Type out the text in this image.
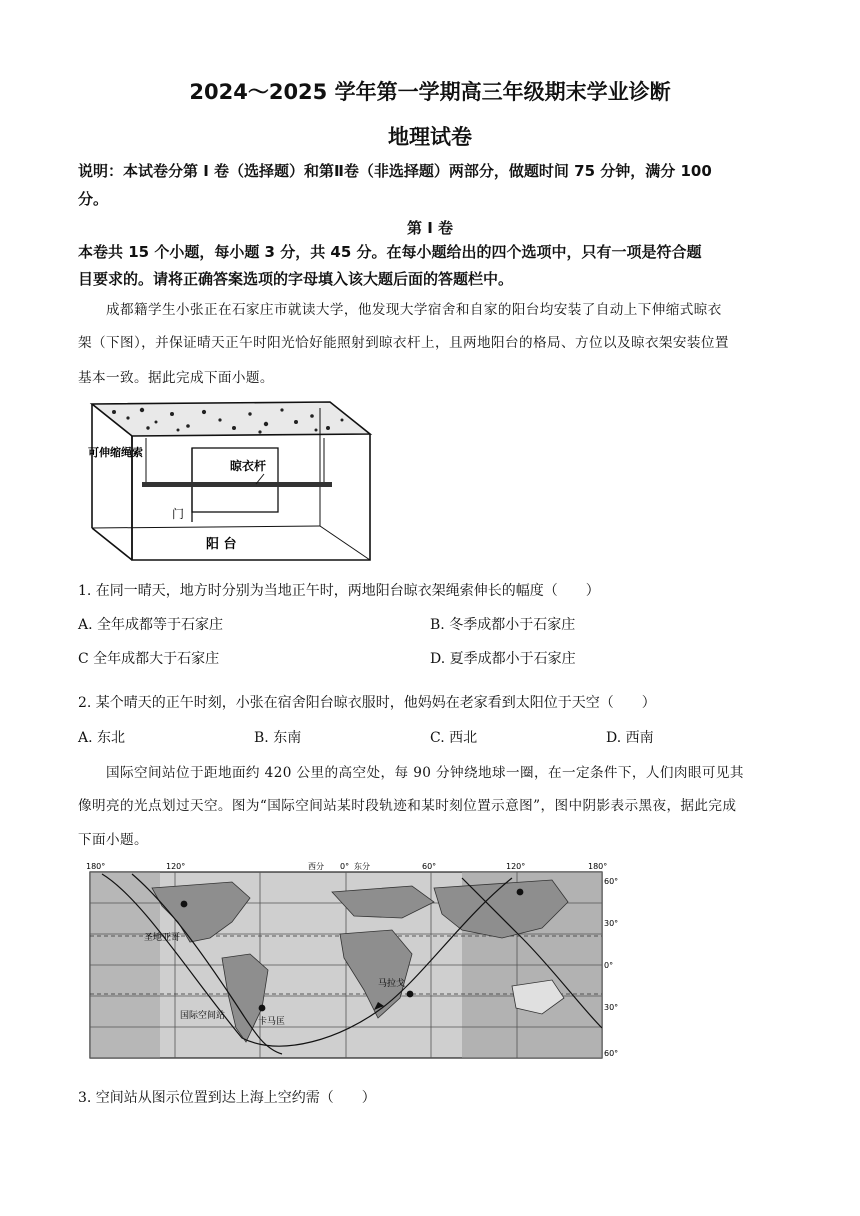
2024～2025 学年第一学期高三年级期末学业诊断
地理试卷
说明：本试卷分第 I 卷（选择题）和第Ⅱ卷（非选择题）两部分，做题时间 75 分钟，满分 100
分。
第 I 卷
本卷共 15 个小题，每小题 3 分，共 45 分。在每小题给出的四个选项中，只有一项是符合题
目要求的。请将正确答案选项的字母填入该大题后面的答题栏中。
成都籍学生小张正在石家庄市就读大学，他发现大学宿舍和自家的阳台均安装了自动上下伸缩式晾衣
架（下图），并保证晴天正午时阳光恰好能照射到晾衣杆上，且两地阳台的格局、方位以及晾衣架安装位置
基本一致。据此完成下面小题。
可伸缩绳索
晾衣杆
门
阳 台
1. 在同一晴天，地方时分别为当地正午时，两地阳台晾衣架绳索伸长的幅度（　　）
A. 全年成都等于石家庄	B. 冬季成都小于石家庄
C 全年成都大于石家庄	D. 夏季成都小于石家庄
2. 某个晴天的正午时刻，小张在宿舍阳台晾衣服时，他妈妈在老家看到太阳位于天空（　　）
A. 东北	B. 东南	C. 西北	D. 西南
国际空间站位于距地面约 420 公里的高空处，每 90 分钟绕地球一圈，在一定条件下，人们肉眼可见其
像明亮的光点划过天空。图为“国际空间站某时段轨迹和某时刻位置示意图”，图中阴影表示黑夜，据此完成
下面小题。
圣地亚哥
国际空间站
卡马匡
马拉戈
180°	120°	西分 0° 东分	60°	120°	180°
60°
30°
0°
30°
60°
3. 空间站从图示位置到达上海上空约需（　　）
